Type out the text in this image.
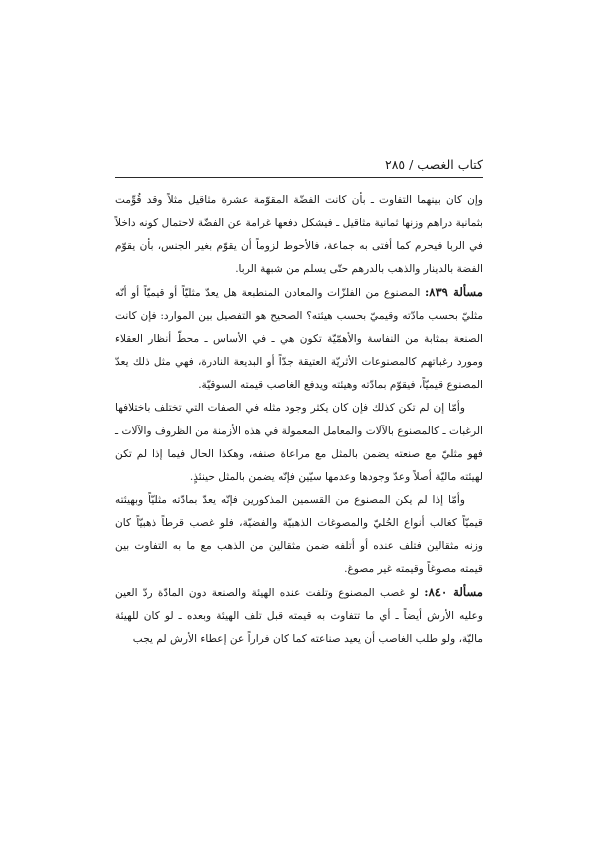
كتاب الغصب / ٢٨٥

وإن كان بينهما التفاوت ـ بأن كانت الفضّة المقوّمة عشرة مثاقيل مثلاً وقد قُوِّمت بثمانية دراهم وزنها ثمانية مثاقيل ـ فيشكل دفعها غرامة عن الفضّة لاحتمال كونه داخلاً في الربا فيحرم كما أفتى به جماعة، فالأحوط لزوماً أن يقوّم بغير الجنس، بأن يقوّم الفضة بالدينار والذهب بالدرهم حتّى يسلم من شبهة الربا.

مسألة ٨٣٩: المصنوع من الفلزّات والمعادن المنطبعة هل يعدّ مثليّاً أو قيميّاً أو أنّه مثليّ بحسب مادّته وقيميّ بحسب هيئته؟ الصحيح هو التفصيل بين الموارد: فإن كانت الصنعة بمثابة من النفاسة والأهمّيّة تكون هي ـ في الأساس ـ محطّ أنظار العقلاء ومورد رغباتهم كالمصنوعات الأثريّة العتيقة جدّاً أو البديعة النادرة، فهي مثل ذلك يعدّ المصنوع قيميّاً، فيقوّم بمادّته وهيئته ويدفع الغاصب قيمته السوقيّة.

وأمّا إن لم تكن كذلك فإن كان يكثر وجود مثله في الصفات التي تختلف باختلافها الرغبات ـ كالمصنوع بالآلات والمعامل المعمولة في هذه الأزمنة من الظروف والآلات ـ فهو مثليّ مع صنعته يضمن بالمثل مع مراعاة صنفه، وهكذا الحال فيما إذا لم تكن لهيئته ماليّة أصلاً وعدّ وجودها وعدمها سيّين فإنّه يضمن بالمثل حينئذٍ.

وأمّا إذا لم يكن المصنوع من القسمين المذكورين فإنّه يعدّ بمادّته مثليّاً وبهيئته قيميّاً كغالب أنواع الحُليّ والمصوغات الذهبيّة والفضيّة، فلو غصب قرطاً ذهبيّاً كان وزنه مثقالين فتلف عنده أو أتلفه ضمن مثقالين من الذهب مع ما به التفاوت بين قيمته مصوغاً وقيمته غير مصوغ.

مسألة ٨٤٠: لو غصب المصنوع وتلفت عنده الهيئة والصنعة دون المادّة ردّ العين وعليه الأرش أيضاً ـ أي ما تتفاوت به قيمته قبل تلف الهيئة وبعده ـ لو كان للهيئة ماليّة، ولو طلب الغاصب أن يعيد صناعته كما كان فراراً عن إعطاء الأرش لم يجب
